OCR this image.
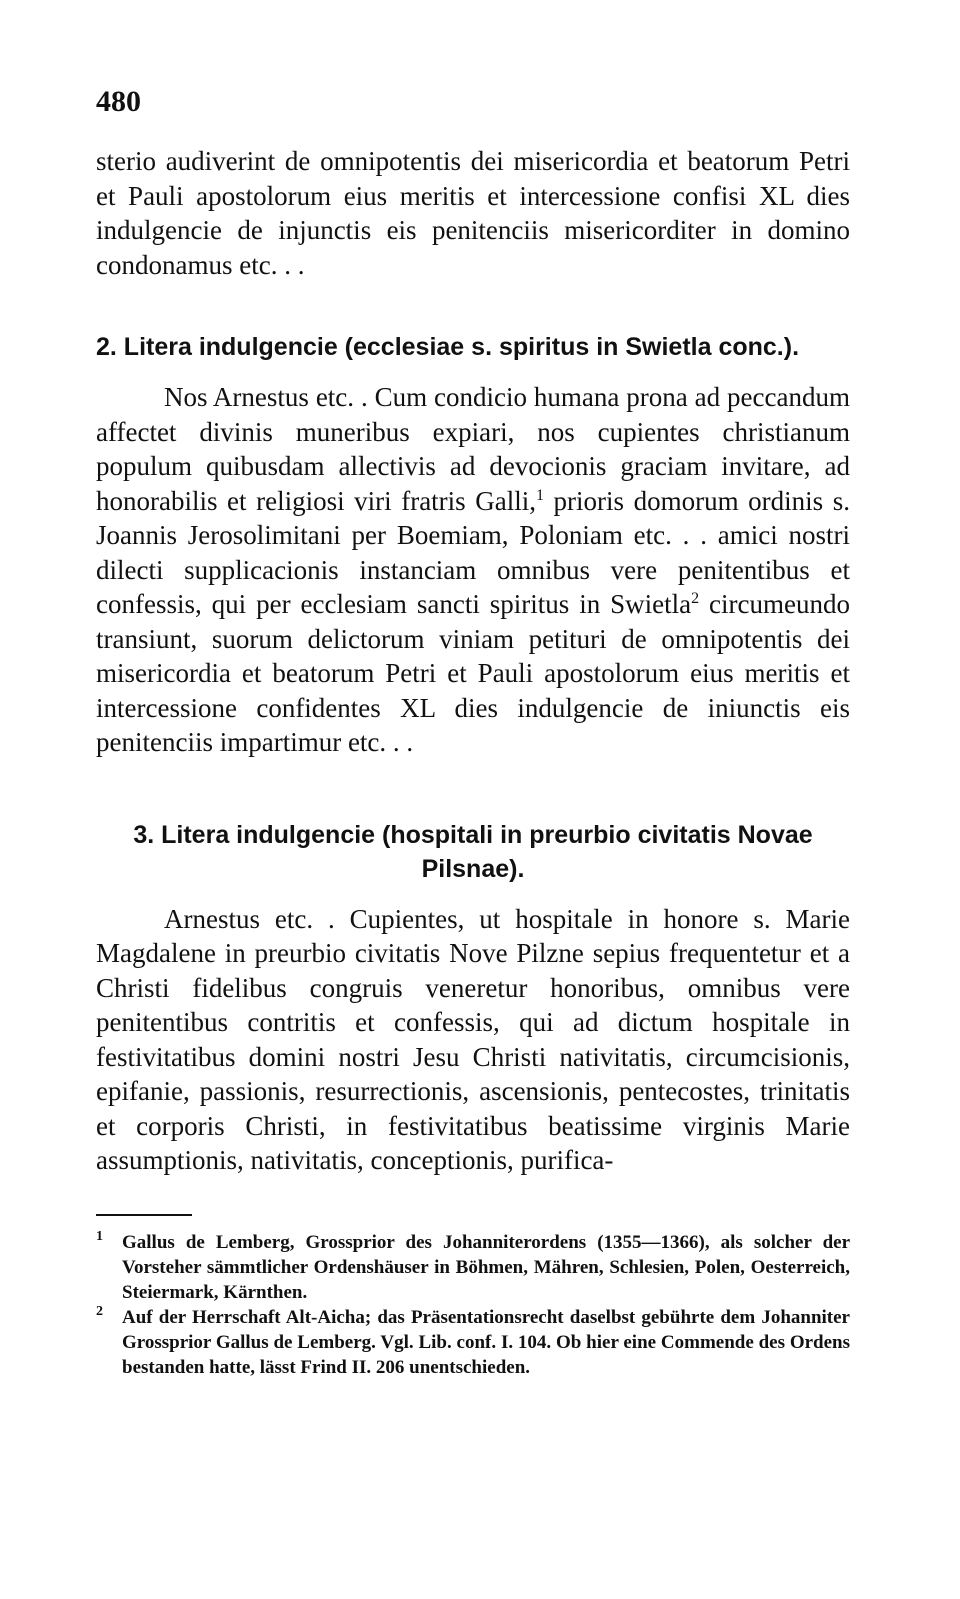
480

sterio audiverint de omnipotentis dei misericordia et beatorum Petri et Pauli apostolorum eius meritis et intercessione confisi XL dies indulgencie de injunctis eis penitenciis misericorditer in domino condonamus etc. . .

2. Litera indulgencie (ecclesiae s. spiritus in Swietla conc.).

Nos Arnestus etc. . Cum condicio humana prona ad peccandum affectet divinis muneribus expiari, nos cupientes christianum populum quibusdam allectivis ad devocionis graciam invitare, ad honorabilis et religiosi viri fratris Galli,$^1$ prioris domorum ordinis s. Joannis Jerosolimitani per Boemiam, Poloniam etc. . . amici nostri dilecti supplicacionis instanciam omnibus vere penitentibus et confessis, qui per ecclesiam sancti spiritus in Swietla$^2$ circumeundo transiunt, suorum delictorum viniam petituri de omnipotentis dei misericordia et beatorum Petri et Pauli apostolorum eius meritis et intercessione confidentes XL dies indulgencie de iniunctis eis penitenciis impartimur etc. . .

3. Litera indulgencie (hospitali in preurbio civitatis Novae Pilsnae).

Arnestus etc. . Cupientes, ut hospitale in honore s. Marie Magdalene in preurbio civitatis Nove Pilzne sepius frequentetur et a Christi fidelibus congruis veneretur honoribus, omnibus vere penitentibus contritis et confessis, qui ad dictum hospitale in festivitatibus domini nostri Jesu Christi nativitatis, circumcisionis, epifanie, passionis, resurrectionis, ascensionis, pentecostes, trinitatis et corporis Christi, in festivitatibus beatissime virginis Marie assumptionis, nativitatis, conceptionis, purifica-

1 Gallus de Lemberg, Grossprior des Johanniterordens (1355—1366), als solcher der Vorsteher sämmtlicher Ordenshäuser in Böhmen, Mähren, Schlesien, Polen, Oesterreich, Steiermark, Kärnthen.

2 Auf der Herrschaft Alt-Aicha; das Präsentationsrecht daselbst gebührte dem Johanniter Grossprior Gallus de Lemberg. Vgl. Lib. conf. I. 104. Ob hier eine Commende des Ordens bestanden hatte, lässt Frind II. 206 unentschieden.
